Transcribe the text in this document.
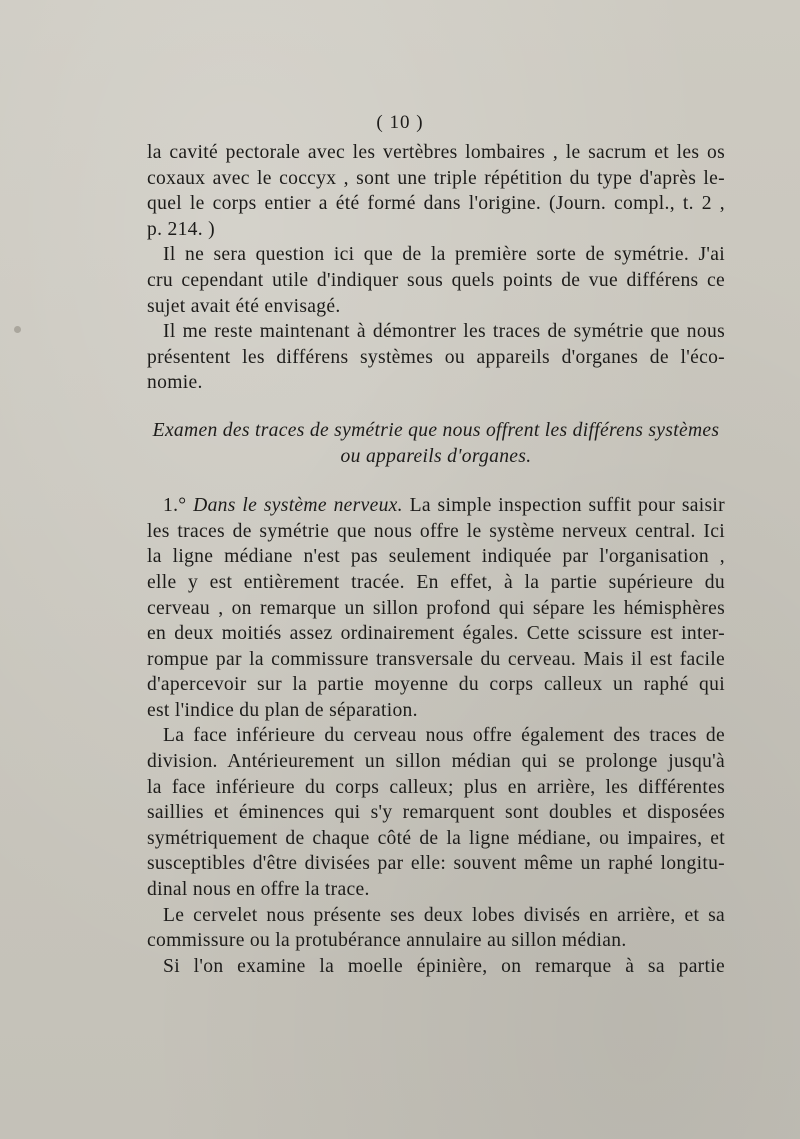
( 10 )
la cavité pectorale avec les vertèbres lombaires , le sacrum et les os
coxaux avec le coccyx , sont une triple répétition du type d'après le-
quel le corps entier a été formé dans l'origine. (Journ. compl., t. 2 ,
p. 214. )
Il ne sera question ici que de la première sorte de symétrie. J'ai
cru cependant utile d'indiquer sous quels points de vue différens ce
sujet avait été envisagé.
Il me reste maintenant à démontrer les traces de symétrie que nous
présentent les différens systèmes ou appareils d'organes de l'éco-
nomie.
Examen des traces de symétrie que nous offrent les différens systèmes
ou appareils d'organes.
1.° Dans le système nerveux. La simple inspection suffit pour saisir
les traces de symétrie que nous offre le système nerveux central. Ici
la ligne médiane n'est pas seulement indiquée par l'organisation ,
elle y est entièrement tracée. En effet, à la partie supérieure du
cerveau , on remarque un sillon profond qui sépare les hémisphères
en deux moitiés assez ordinairement égales. Cette scissure est inter-
rompue par la commissure transversale du cerveau. Mais il est facile
d'apercevoir sur la partie moyenne du corps calleux un raphé qui
est l'indice du plan de séparation.
La face inférieure du cerveau nous offre également des traces de
division. Antérieurement un sillon médian qui se prolonge jusqu'à
la face inférieure du corps calleux; plus en arrière, les différentes
saillies et éminences qui s'y remarquent sont doubles et disposées
symétriquement de chaque côté de la ligne médiane, ou impaires, et
susceptibles d'être divisées par elle: souvent même un raphé longitu-
dinal nous en offre la trace.
Le cervelet nous présente ses deux lobes divisés en arrière, et sa
commissure ou la protubérance annulaire au sillon médian.
Si l'on examine la moelle épinière, on remarque à sa partie
